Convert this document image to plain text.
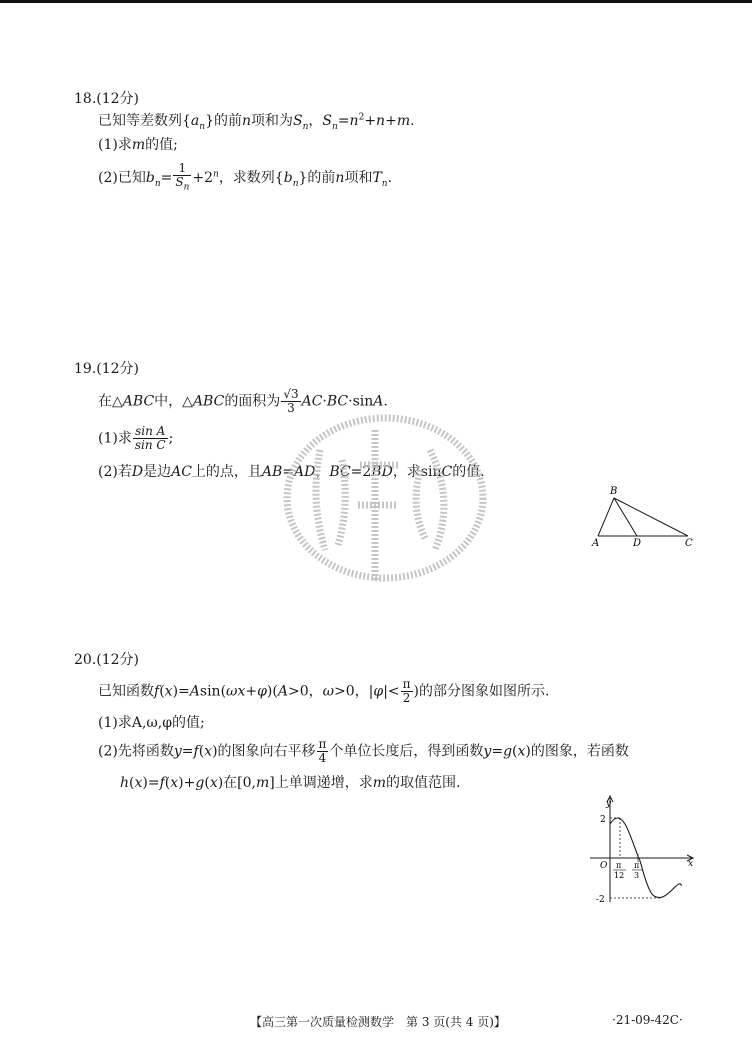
18.(12分)
已知等差数列$\{a_n\}$的前n项和为$S_n$，$S_n=n^2+n+m$.
(1)求m的值;
(2)已知$b_n= \frac{1}{S_n} +2^n$，求数列$\{b_n\}$的前n项和$T_n$.
19.(12分)
在△ABC中，△ABC的面积为 $\frac{√3}{3} AC\cdot BC\cdot\sin A$.
(1)求 $\frac{\text{sin A}}{\text{sin C}}$ ;
(2)若D是边AC上的点，且AB=AD，BC=2BD，求sinC的值.
B
A	D	C
20.(12分)
已知函数f(x)=Asin(ωx+φ)(A>0，ω>0，$|\varphi|< \frac{\pi}{2}$ )的部分图象如图所示.
(1)求A,ω,φ的值;
(2)先将函数y=f(x)的图象向右平移 $\frac{\pi}{4}$ 个单位长度后，得到函数y=g(x)的图象，若函数
h(x)=f(x)+g(x)在[0,m]上单调递增，求m的取值范围.
y
x
O
2
-2
π
12
π
3
【高三第一次质量检测数学　第 3 页(共 4 页)】	·21-09-42C·
